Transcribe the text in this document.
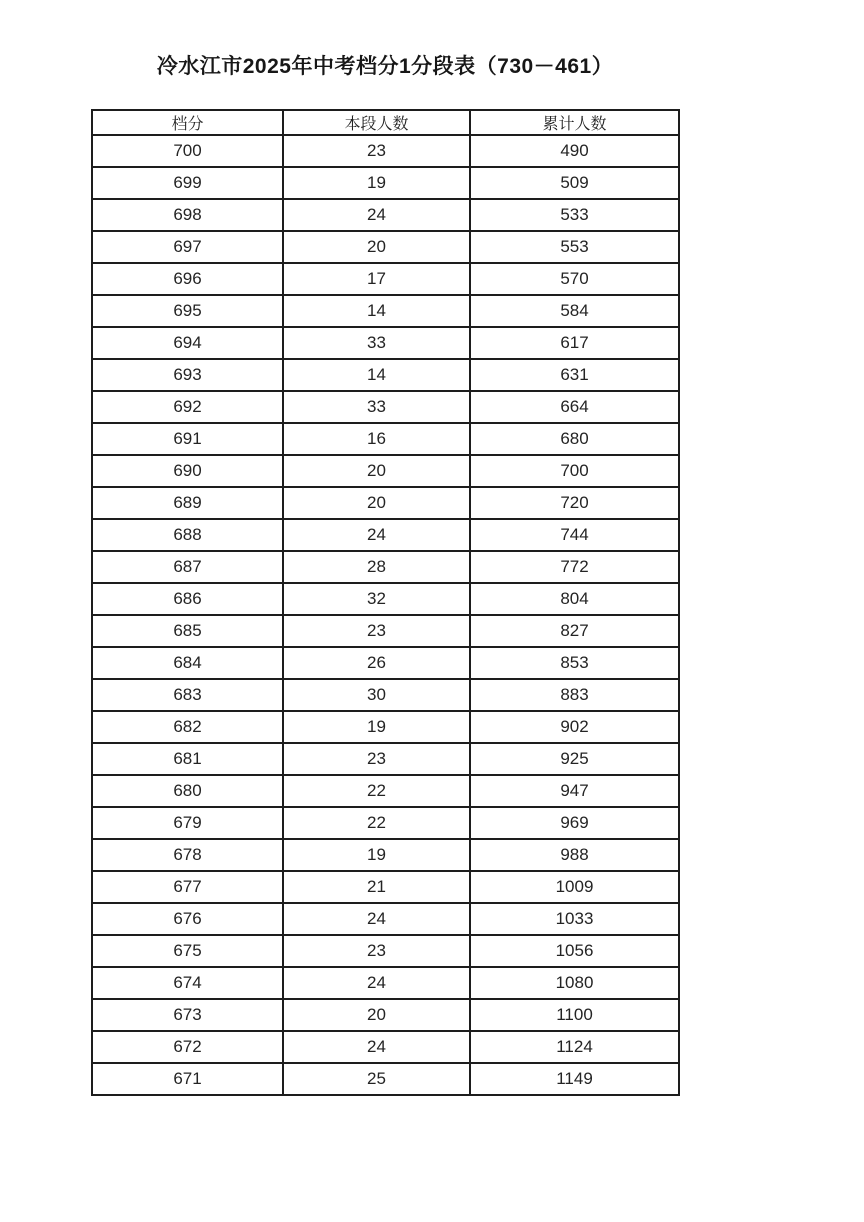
冷水江市2025年中考档分1分段表（730－461）
档分	本段人数	累计人数
700	23	490
699	19	509
698	24	533
697	20	553
696	17	570
695	14	584
694	33	617
693	14	631
692	33	664
691	16	680
690	20	700
689	20	720
688	24	744
687	28	772
686	32	804
685	23	827
684	26	853
683	30	883
682	19	902
681	23	925
680	22	947
679	22	969
678	19	988
677	21	1009
676	24	1033
675	23	1056
674	24	1080
673	20	1100
672	24	1124
671	25	1149
